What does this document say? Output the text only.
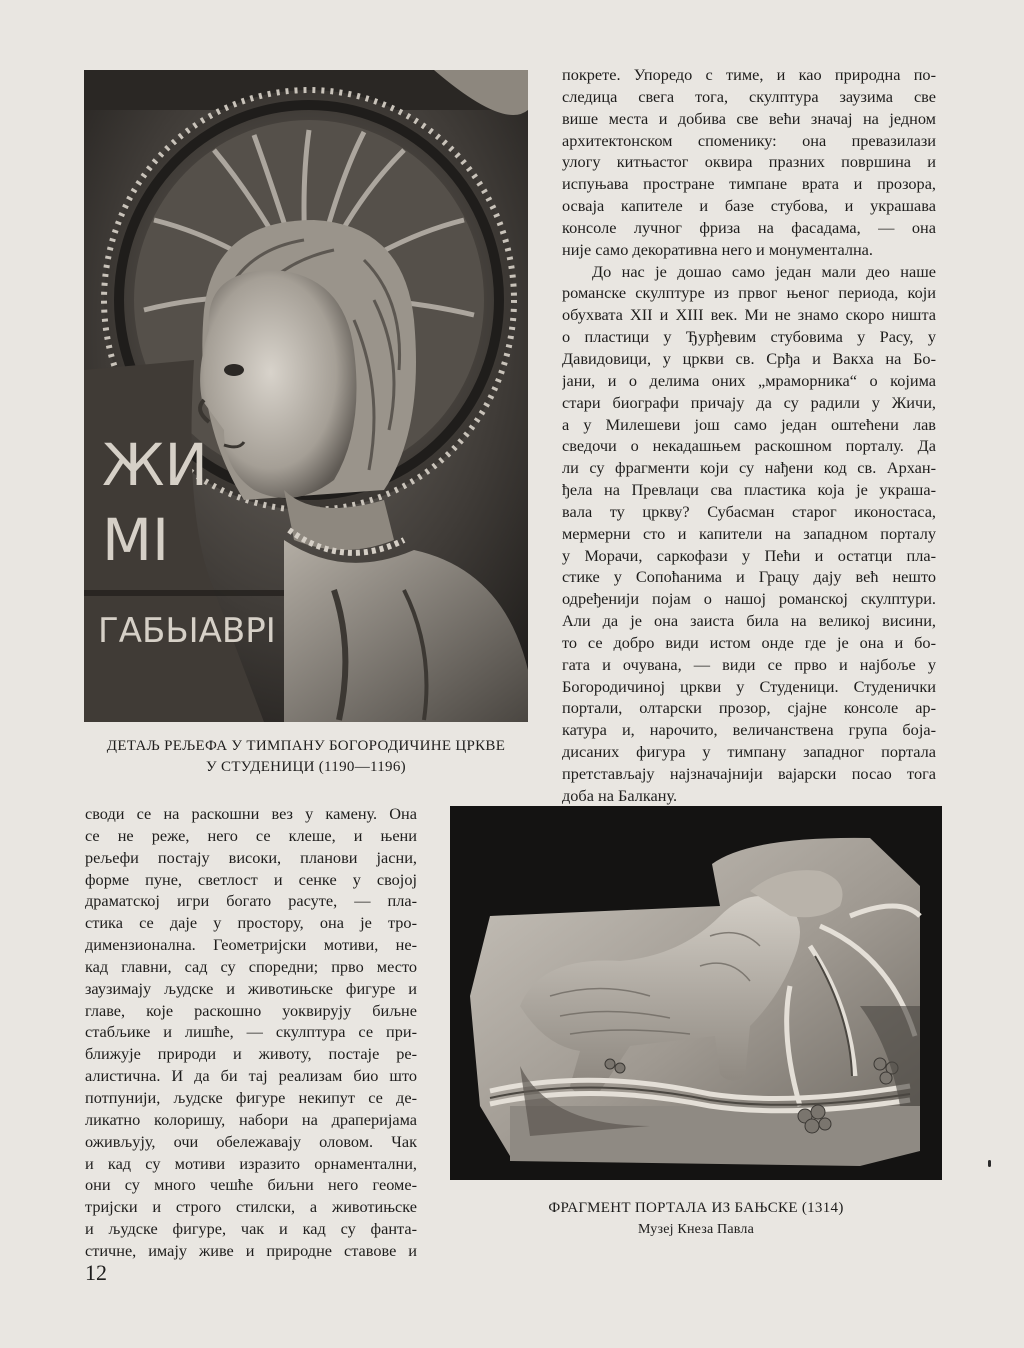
ЖИ
МІ
ГАБЬІАВРІ
ДЕТАЉ РЕЉЕФА У ТИМПАНУ БОГОРОДИЧИНЕ ЦРКВЕ
У СТУДЕНИЦИ (1190—1196)
покрете. Упоредо с тиме, и као природна по-
следица свега тога, скулптура заузима све
више места и добива све већи значај на једном
архитектонском споменику: она превазилази
улогу китњастог оквира празних површина и
испуњава простране тимпане врата и прозора,
осваја капителе и базе стубова, и украшава
консоле лучног фриза на фасадама, — она
није само декоративна него и монументална.
До нас је дошао само један мали део наше
романске скулптуре из првог њеног периода, који
обухвата XII и XIII век. Ми не знамо скоро ништа
о пластици у Ђурђевим стубовима у Расу, у
Давидовици, у цркви св. Срђа и Вакха на Бо-
јани, и о делима оних „мраморника“ о којима
стари биографи причају да су радили у Жичи,
а у Милешеви још само један оштећени лав
сведочи о некадашњем раскошном порталу. Да
ли су фрагменти који су нађени код св. Архан-
ђела на Превлаци сва пластика која је украша-
вала ту цркву? Субасман старог иконостаса,
мермерни сто и капители на западном порталу
у Морачи, саркофази у Пећи и остатци пла-
стике у Сопоћанима и Грацу дају већ нешто
одређенији појам о нашој романској скулптури.
Али да је она заиста била на великој висини,
то се добро види истом онде где је она и бо-
гата и очувана, — види се прво и најбоље у
Богородичиној цркви у Студеници. Студенички
портали, олтарски прозор, сјајне консоле ар-
катура и, нарочито, величанствена група боја-
дисаних фигура у тимпану западног портала
претстављају најзначајнији вајарски посао тога
доба на Балкану.
своди се на раскошни вез у камену. Она
се не реже, него се клеше, и њени
рељефи постају високи, планови јасни,
форме пуне, светлост и сенке у својој
драматској игри богато расуте, — пла-
стика се даје у простору, она је тро-
димензионална. Геометријски мотиви, не-
кад главни, сад су споредни; прво место
заузимају људске и животињске фигуре и
главе, које раскошно уоквирују биљне
стабљике и лишће, — скулптура се при-
ближује природи и животу, постаје ре-
алистична. И да би тај реализам био што
потпунији, људске фигуре некипут се де-
ликатно колоришу, набори на драперијама
оживљују, очи обележавају оловом. Чак
и кад су мотиви изразито орнаментални,
они су много чешће биљни него геоме-
тријски и строго стилски, а животињске
и људске фигуре, чак и кад су фанта-
стичне, имају живе и природне ставове и
ФРАГМЕНТ ПОРТАЛА ИЗ БАЊСКЕ (1314)
Музеј Кнеза Павла
12
